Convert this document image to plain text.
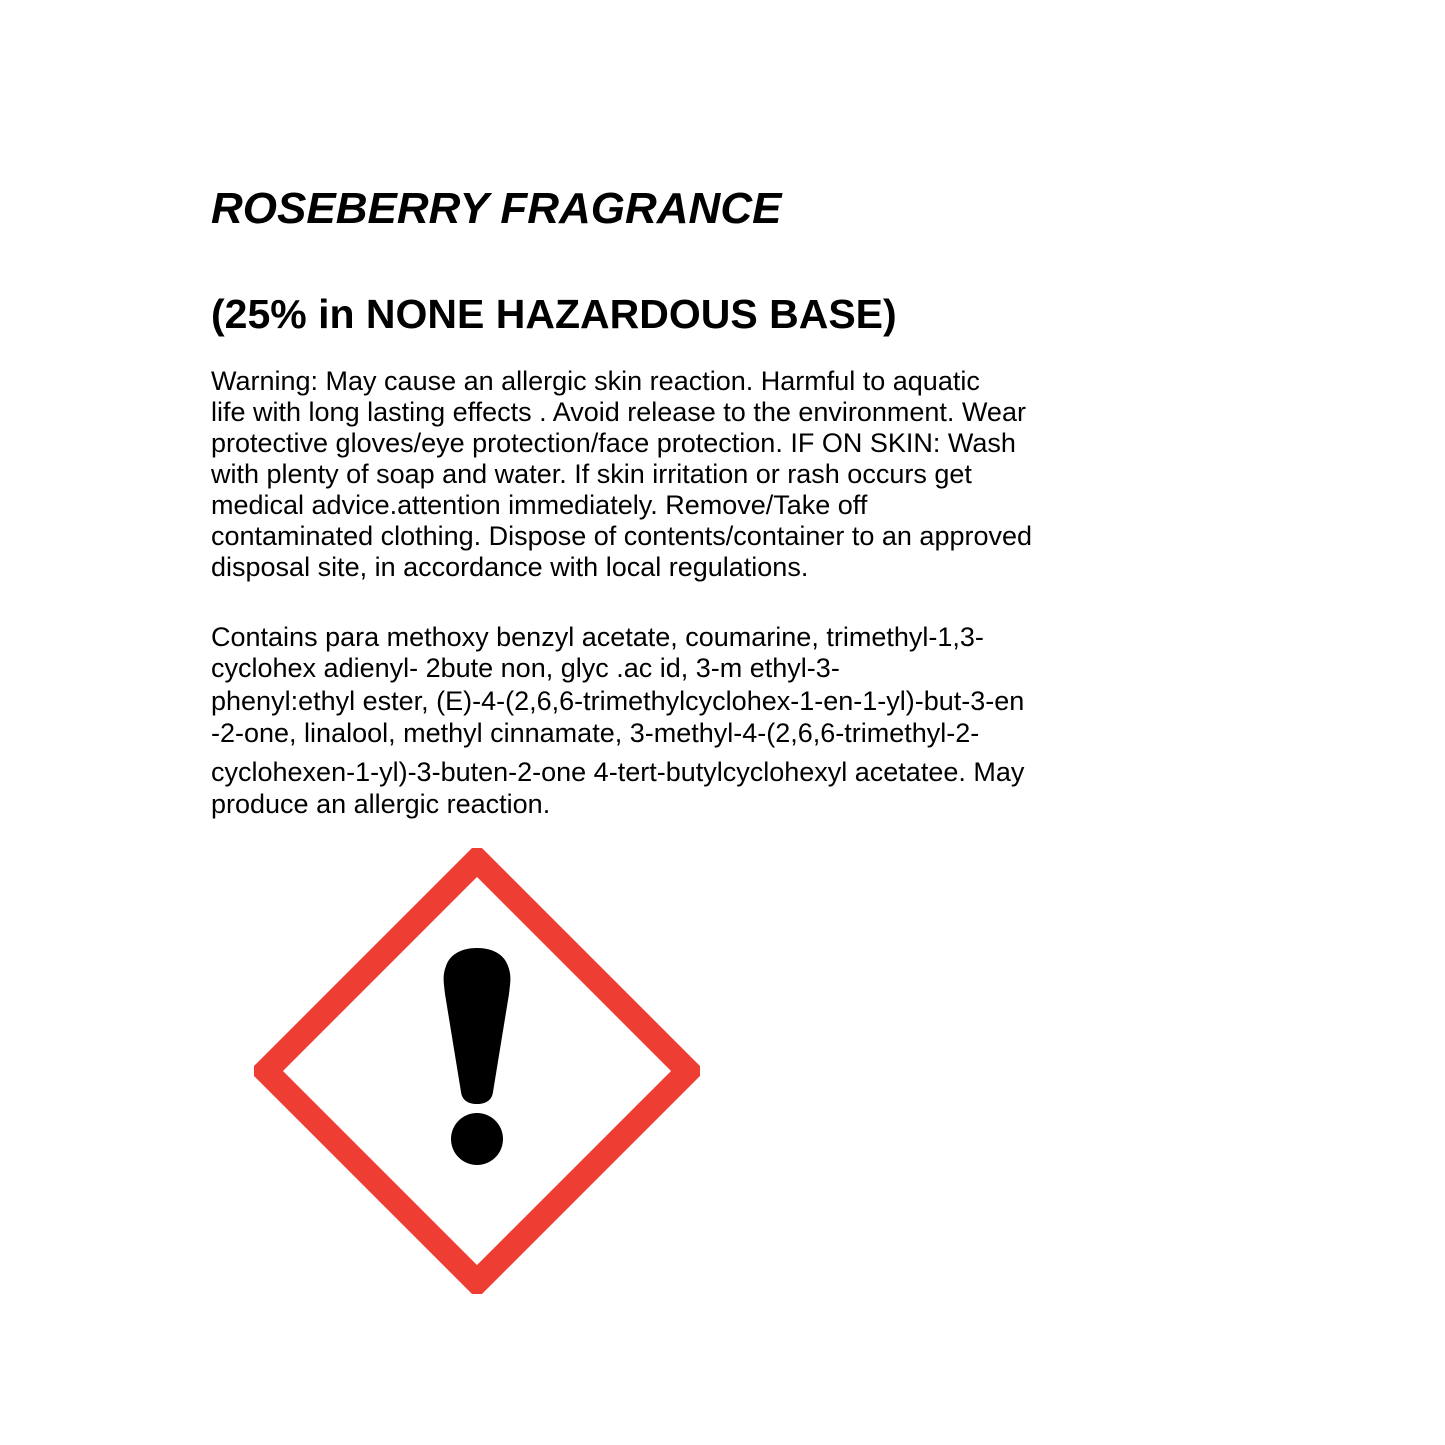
ROSEBERRY FRAGRANCE
(25% in NONE HAZARDOUS BASE)

Warning: May cause an allergic skin reaction. Harmful to aquatic

life with long lasting effects . Avoid release to the environment. Wear

protective gloves/eye protection/face protection. IF ON SKIN: Wash

with plenty of soap and water. If skin irritation or rash occurs get

medical advice.attention immediately. Remove/Take off

contaminated clothing. Dispose of contents/container to an approved

disposal site, in accordance with local regulations.

Contains para methoxy benzyl acetate, coumarine, trimethyl-1,3-

cyclohex adienyl- 2bute non, glyc .ac id, 3-m ethyl-3-

phenyl:ethyl ester, (E)-4-(2,6,6-trimethylcyclohex-1-en-1-yl)-but-3-en

-2-one, linalool, methyl cinnamate, 3-methyl-4-(2,6,6-trimethyl-2-

cyclohexen-1-yl)-3-buten-2-one 4-tert-butylcyclohexyl acetatee. May

produce an allergic reaction.
